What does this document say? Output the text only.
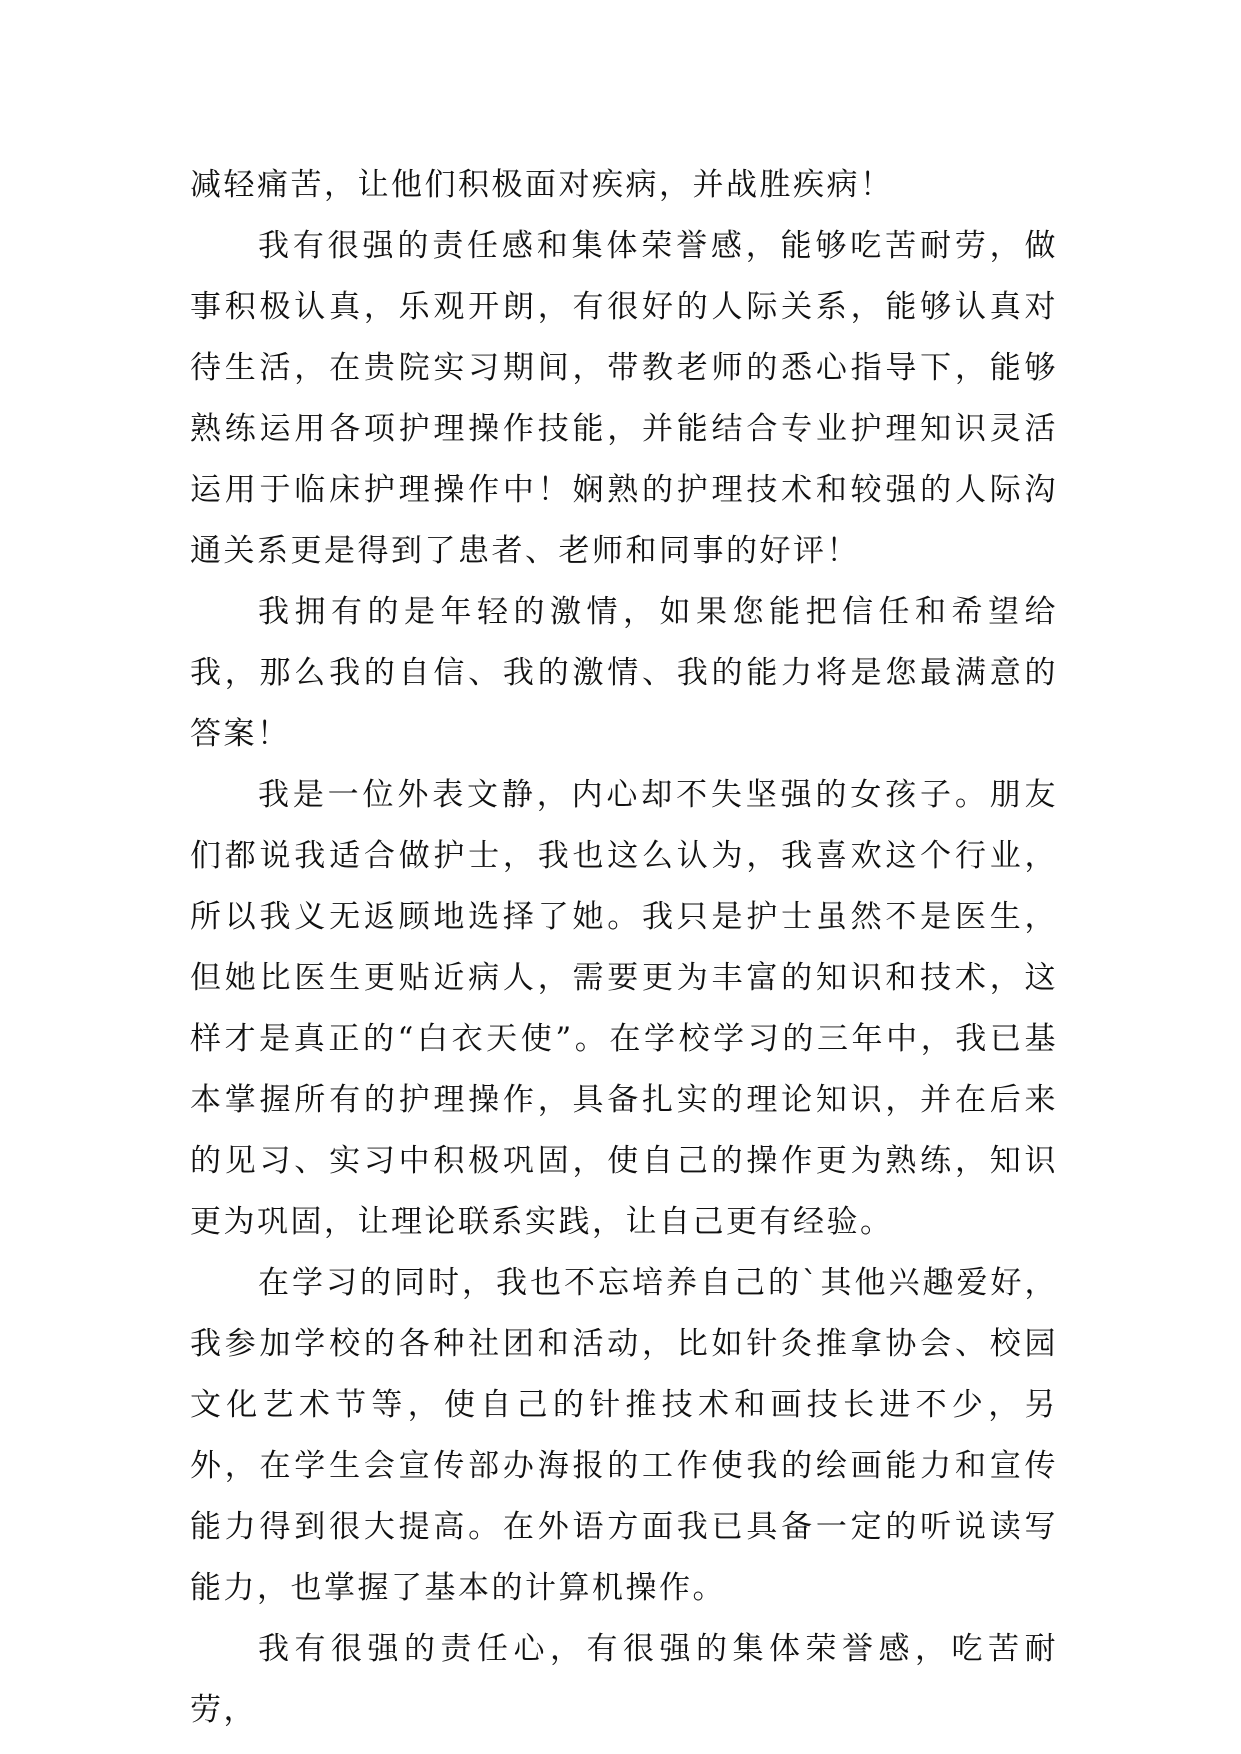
减轻痛苦，让他们积极面对疾病，并战胜疾病！

我有很强的责任感和集体荣誉感，能够吃苦耐劳，做事积极认真，乐观开朗，有很好的人际关系，能够认真对待生活，在贵院实习期间，带教老师的悉心指导下，能够熟练运用各项护理操作技能，并能结合专业护理知识灵活运用于临床护理操作中！娴熟的护理技术和较强的人际沟通关系更是得到了患者、老师和同事的好评！

我拥有的是年轻的激情，如果您能把信任和希望给我，那么我的自信、我的激情、我的能力将是您最满意的答案！

我是一位外表文静，内心却不失坚强的女孩子。朋友们都说我适合做护士，我也这么认为，我喜欢这个行业，所以我义无返顾地选择了她。我只是护士虽然不是医生，但她比医生更贴近病人，需要更为丰富的知识和技术，这样才是真正的“白衣天使”。在学校学习的三年中，我已基本掌握所有的护理操作，具备扎实的理论知识，并在后来的见习、实习中积极巩固，使自己的操作更为熟练，知识更为巩固，让理论联系实践，让自己更有经验。

在学习的同时，我也不忘培养自己的`其他兴趣爱好，我参加学校的各种社团和活动，比如针灸推拿协会、校园文化艺术节等，使自己的针推技术和画技长进不少，另外，在学生会宣传部办海报的工作使我的绘画能力和宣传能力得到很大提高。在外语方面我已具备一定的听说读写能力，也掌握了基本的计算机操作。

我有很强的责任心，有很强的集体荣誉感，吃苦耐劳，
